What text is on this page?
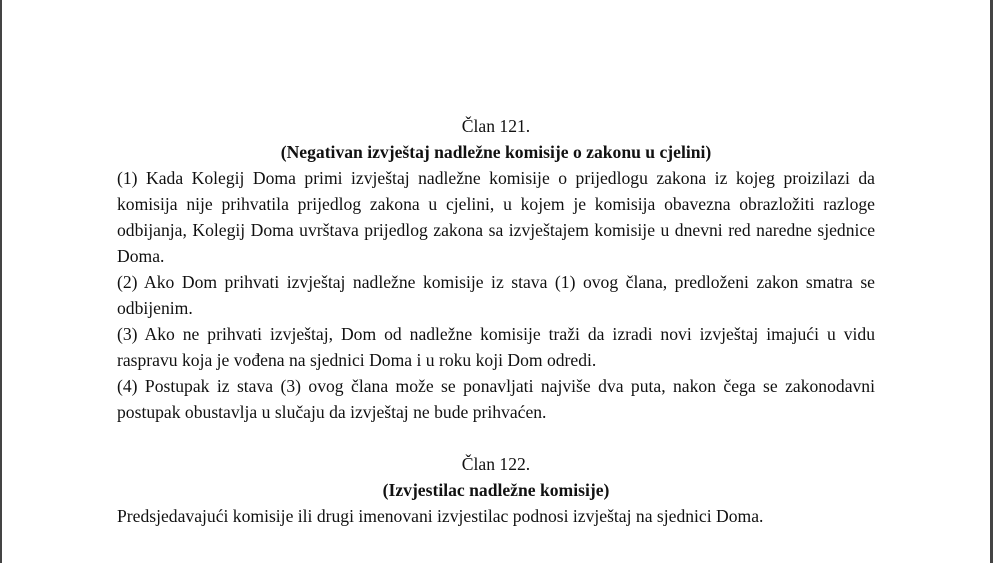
Član 121.
(Negativan izvještaj nadležne komisije o zakonu u cjelini)
(1) Kada Kolegij Doma primi izvještaj nadležne komisije o prijedlogu zakona iz kojeg proizilazi da komisija nije prihvatila prijedlog zakona u cjelini, u kojem je komisija obavezna obrazložiti razloge odbijanja, Kolegij Doma uvrštava prijedlog zakona sa izvještajem komisije u dnevni red naredne sjednice Doma.
(2) Ako Dom prihvati izvještaj nadležne komisije iz stava (1) ovog člana, predloženi zakon smatra se odbijenim.
(3) Ako ne prihvati izvještaj, Dom od nadležne komisije traži da izradi novi izvještaj imajući u vidu raspravu koja je vođena na sjednici Doma i u roku koji Dom odredi.
(4) Postupak iz stava (3) ovog člana može se ponavljati najviše dva puta, nakon čega se zakonodavni postupak obustavlja u slučaju da izvještaj ne bude prihvaćen.
Član 122.
(Izvjestilac nadležne komisije)
Predsjedavajući komisije ili drugi imenovani izvjestilac podnosi izvještaj na sjednici Doma.
